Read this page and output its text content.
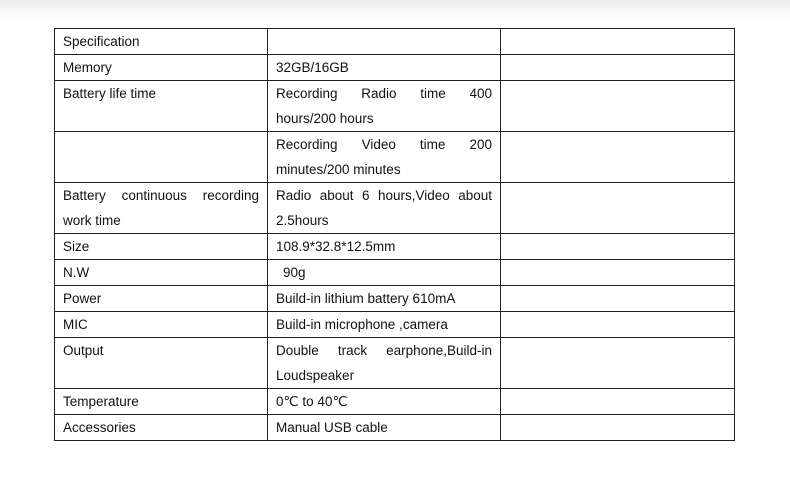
Specification		
Memory	32GB/16GB	
Battery life time	Recording Radio time 400 hours/200 hours	
	Recording Video time 200 minutes/200 minutes	
Battery continuous recording work time	Radio about 6 hours,Video about 2.5hours	
Size	108.9*32.8*12.5mm	
N.W	90g	
Power	Build-in lithium battery 610mA	
MIC	Build-in microphone ,camera	
Output	Double track earphone,Build-in Loudspeaker	
Temperature	0℃ to 40℃	
Accessories	Manual USB cable	
